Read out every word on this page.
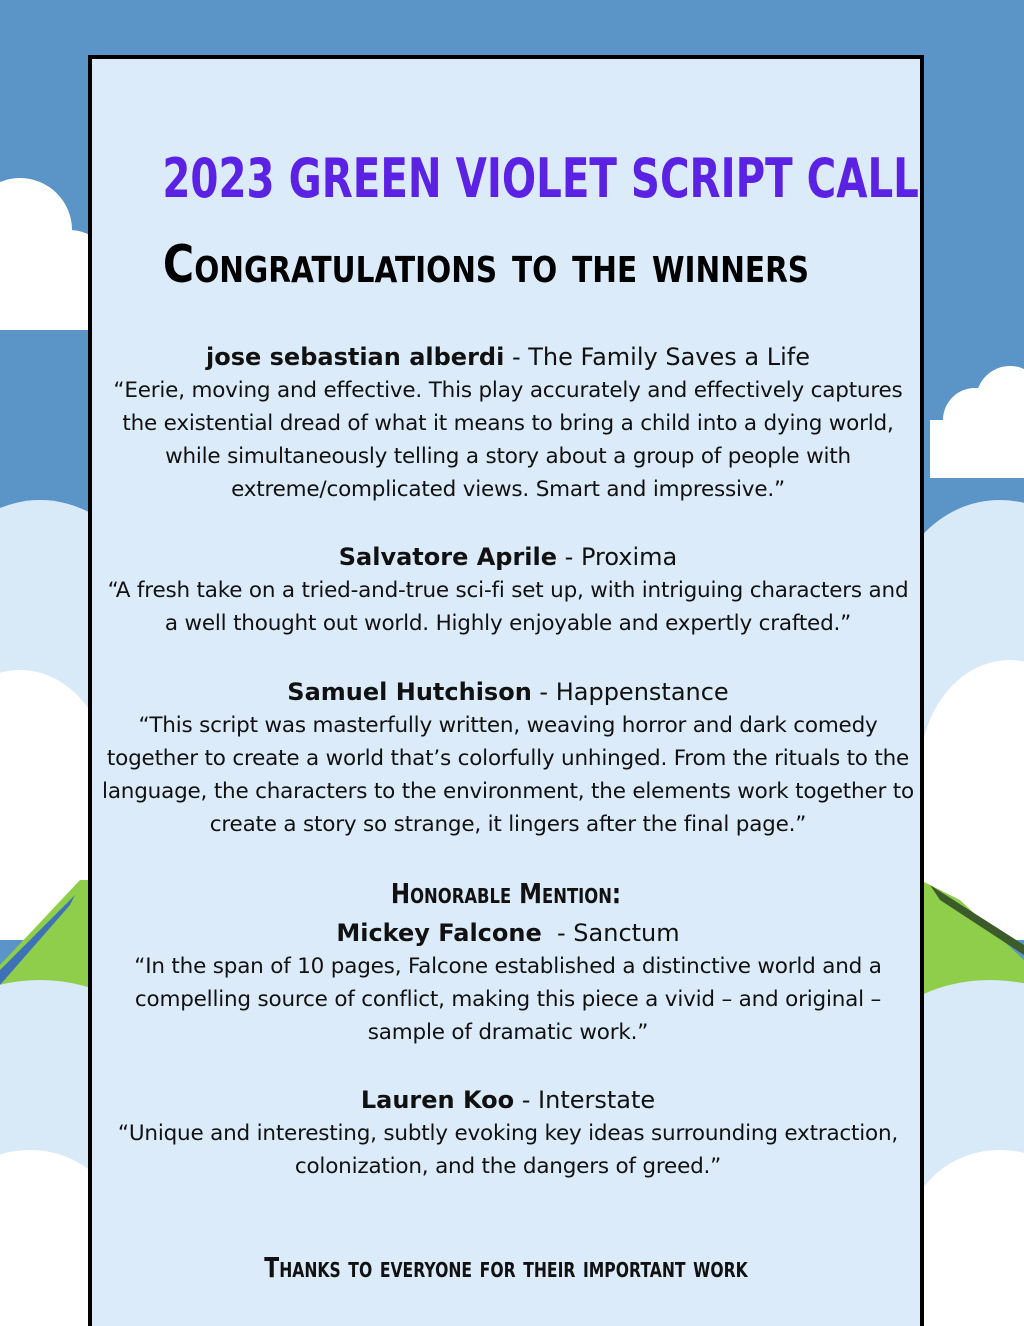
2023 GREEN VIOLET SCRIPT CALL
Congratulations to the winners
jose sebastian alberdi - The Family Saves a Life
“Eerie, moving and effective. This play accurately and effectively captures the existential dread of what it means to bring a child into a dying world, while simultaneously telling a story about a group of people with extreme/complicated views. Smart and impressive.”
Salvatore Aprile - Proxima
“A fresh take on a tried-and-true sci-fi set up, with intriguing characters and a well thought out world. Highly enjoyable and expertly crafted.”
Samuel Hutchison - Happenstance
“This script was masterfully written, weaving horror and dark comedy together to create a world that’s colorfully unhinged. From the rituals to the language, the characters to the environment, the elements work together to create a story so strange, it lingers after the final page.”
Honorable Mention:
Mickey Falcone  - Sanctum
“In the span of 10 pages, Falcone established a distinctive world and a compelling source of conflict, making this piece a vivid – and original – sample of dramatic work.”
Lauren Koo - Interstate
“Unique and interesting, subtly evoking key ideas surrounding extraction, colonization, and the dangers of greed.”
Thanks to everyone for their important work
